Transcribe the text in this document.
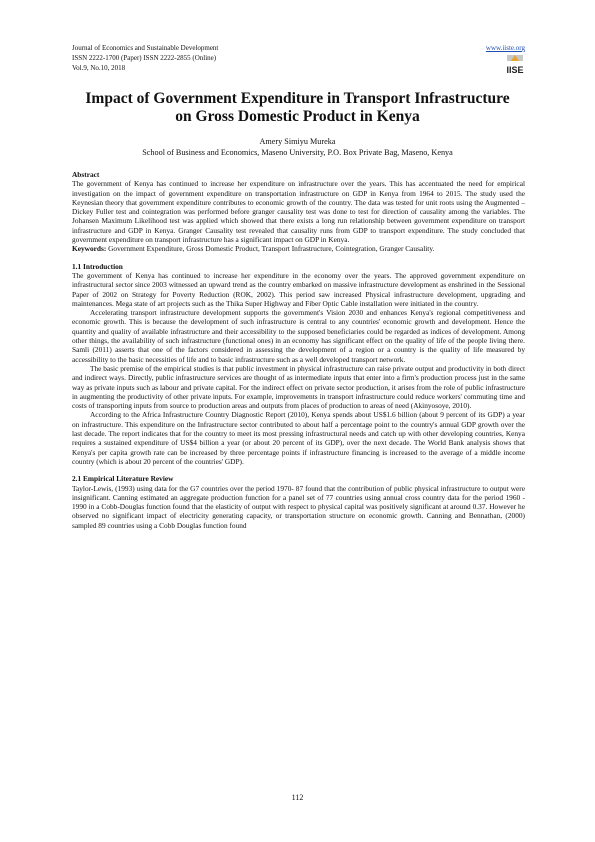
Journal of Economics and Sustainable Development
ISSN 2222-1700 (Paper) ISSN 2222-2855 (Online)
Vol.9, No.10, 2018
www.iiste.org
IISE
Impact of Government Expenditure in Transport Infrastructure
on Gross Domestic Product in Kenya
Amery Simiyu Mureka
School of Business and Economics, Maseno University, P.O. Box Private Bag, Maseno, Kenya

Abstract

The government of Kenya has continued to increase her expenditure on infrastructure over the years. This has accentuated the need for empirical investigation on the impact of government expenditure on transportation infrastructure on GDP in Kenya from 1964 to 2015. The study used the Keynesian theory that government expenditure contributes to economic growth of the country. The data was tested for unit roots using the Augmented – Dickey Fuller test and cointegration was performed before granger causality test was done to test for direction of causality among the variables. The Johansen Maximum Likelihood test was applied which showed that there exists a long run relationship between government expenditure on transport infrastructure and GDP in Kenya. Granger Causality test revealed that causality runs from GDP to transport expenditure. The study concluded that government expenditure on transport infrastructure has a significant impact on GDP in Kenya.

Keywords: Government Expenditure, Gross Domestic Product, Transport Infrastructure, Cointegration, Granger Causality.

1.1 Introduction

The government of Kenya has continued to increase her expenditure in the economy over the years. The approved government expenditure on infrastructural sector since 2003 witnessed an upward trend as the country embarked on massive infrastructure development as enshrined in the Sessional Paper of 2002 on Strategy for Poverty Reduction (ROK, 2002). This period saw increased Physical infrastructure development, upgrading and maintenances. Mega state of art projects such as the Thika Super Highway and Fiber Optic Cable installation were initiated in the country.

Accelerating transport infrastructure development supports the government's Vision 2030 and enhances Kenya's regional competitiveness and economic growth. This is because the development of such infrastructure is central to any countries' economic growth and development. Hence the quantity and quality of available infrastructure and their accessibility to the supposed beneficiaries could be regarded as indices of development. Among other things, the availability of such infrastructure (functional ones) in an economy has significant effect on the quality of life of the people living there. Samli (2011) asserts that one of the factors considered in assessing the development of a region or a country is the quality of life measured by accessibility to the basic necessities of life and to basic infrastructure such as a well developed transport network.

The basic premise of the empirical studies is that public investment in physical infrastructure can raise private output and productivity in both direct and indirect ways. Directly, public infrastructure services are thought of as intermediate inputs that enter into a firm's production process just in the same way as private inputs such as labour and private capital. For the indirect effect on private sector production, it arises from the role of public infrastructure in augmenting the productivity of other private inputs. For example, improvements in transport infrastructure could reduce workers' commuting time and costs of transporting inputs from source to production areas and outputs from places of production to areas of need (Akinyosoye, 2010).

According to the Africa Infrastructure Country Diagnostic Report (2010), Kenya spends about US$1.6 billion (about 9 percent of its GDP) a year on infrastructure. This expenditure on the Infrastructure sector contributed to about half a percentage point to the country's annual GDP growth over the last decade. The report indicates that for the country to meet its most pressing infrastructural needs and catch up with other developing countries, Kenya requires a sustained expenditure of US$4 billion a year (or about 20 percent of its GDP), over the next decade. The World Bank analysis shows that Kenya's per capita growth rate can be increased by three percentage points if infrastructure financing is increased to the average of a middle income country (which is about 20 percent of the countries' GDP).

2.1 Empirical Literature Review

Taylor-Lewis, (1993) using data for the G7 countries over the period 1970- 87 found that the contribution of public physical infrastructure to output were insignificant. Canning estimated an aggregate production function for a panel set of 77 countries using annual cross country data for the period 1960 - 1990 in a Cobb-Douglas function found that the elasticity of output with respect to physical capital was positively significant at around 0.37. However he observed no significant impact of electricity generating capacity, or transportation structure on economic growth. Canning and Bennathan, (2000) sampled 89 countries using a Cobb Douglas function found

112
